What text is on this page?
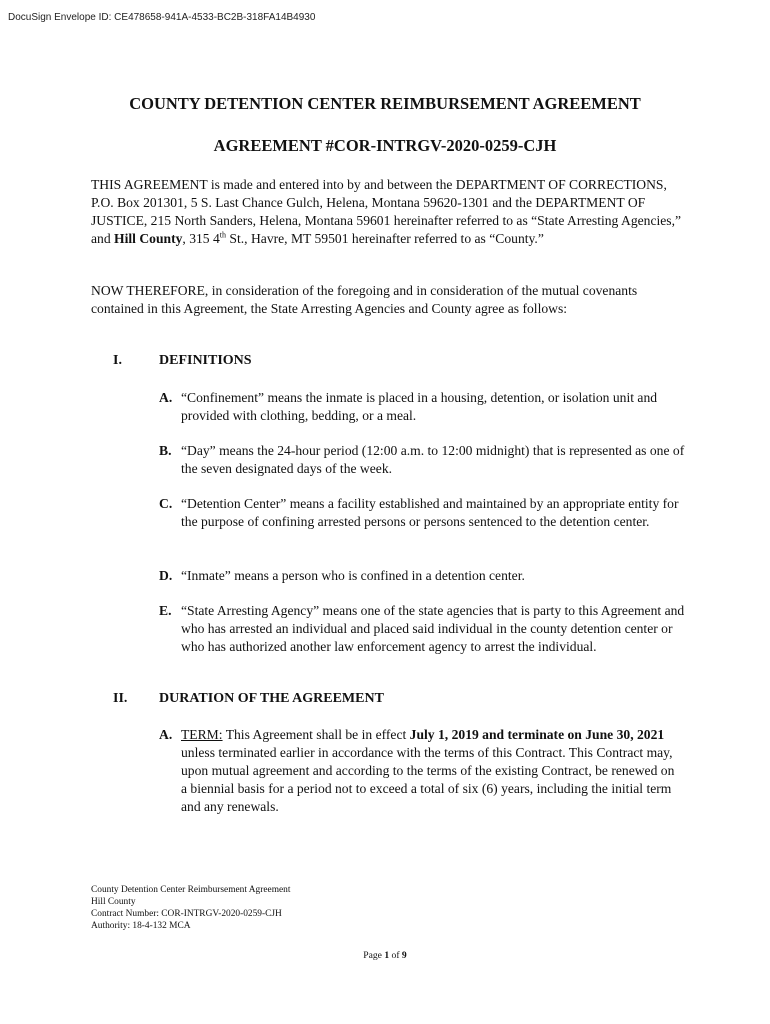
DocuSign Envelope ID: CE478658-941A-4533-BC2B-318FA14B4930
COUNTY DETENTION CENTER REIMBURSEMENT AGREEMENT
AGREEMENT #COR-INTRGV-2020-0259-CJH
THIS AGREEMENT is made and entered into by and between the DEPARTMENT OF CORRECTIONS, P.O. Box 201301, 5 S. Last Chance Gulch, Helena, Montana 59620-1301 and the DEPARTMENT OF JUSTICE, 215 North Sanders, Helena, Montana 59601 hereinafter referred to as “State Arresting Agencies,” and Hill County, 315 4th St., Havre, MT 59501 hereinafter referred to as “County.”
NOW THEREFORE, in consideration of the foregoing and in consideration of the mutual covenants contained in this Agreement, the State Arresting Agencies and County agree as follows:
I.	DEFINITIONS
A. “Confinement” means the inmate is placed in a housing, detention, or isolation unit and provided with clothing, bedding, or a meal.
B. “Day” means the 24-hour period (12:00 a.m. to 12:00 midnight) that is represented as one of the seven designated days of the week.
C. “Detention Center” means a facility established and maintained by an appropriate entity for the purpose of confining arrested persons or persons sentenced to the detention center.
D. “Inmate” means a person who is confined in a detention center.
E. “State Arresting Agency” means one of the state agencies that is party to this Agreement and who has arrested an individual and placed said individual in the county detention center or who has authorized another law enforcement agency to arrest the individual.
II. DURATION OF THE AGREEMENT
A. TERM: This Agreement shall be in effect July 1, 2019 and terminate on June 30, 2021 unless terminated earlier in accordance with the terms of this Contract. This Contract may, upon mutual agreement and according to the terms of the existing Contract, be renewed on a biennial basis for a period not to exceed a total of six (6) years, including the initial term and any renewals.
County Detention Center Reimbursement Agreement
Hill County
Contract Number: COR-INTRGV-2020-0259-CJH
Authority: 18-4-132 MCA
Page 1 of 9
